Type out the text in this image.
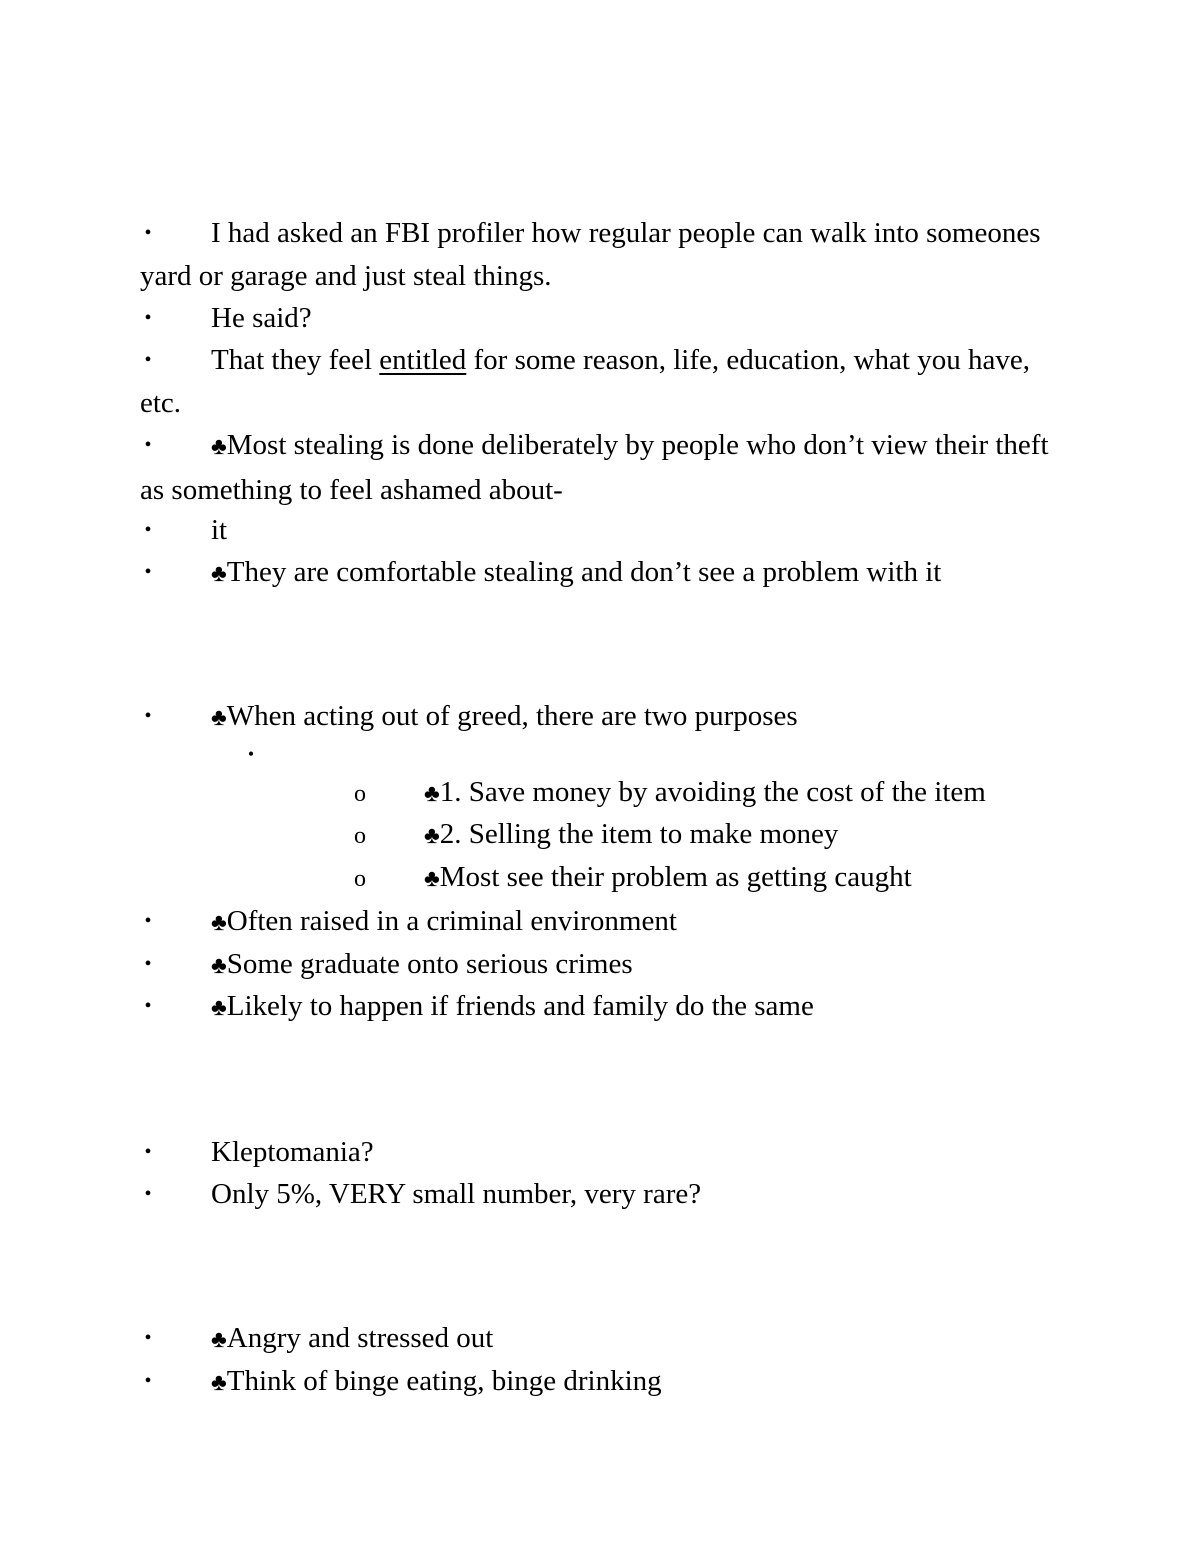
• I had asked an FBI profiler how regular people can walk into someones yard or garage and just steal things.
• He said?
• That they feel entitled for some reason, life, education, what you have, etc.
• ♣Most stealing is done deliberately by people who don’t view their theft as something to feel ashamed about-
• it
• ♣They are comfortable stealing and don’t see a problem with it
• ♣When acting out of greed, there are two purposes
•
o ♣1. Save money by avoiding the cost of the item
o ♣2. Selling the item to make money
o ♣Most see their problem as getting caught
• ♣Often raised in a criminal environment
• ♣Some graduate onto serious crimes
• ♣Likely to happen if friends and family do the same
• Kleptomania?
• Only 5%, VERY small number, very rare?
• ♣Angry and stressed out
• ♣Think of binge eating, binge drinking
